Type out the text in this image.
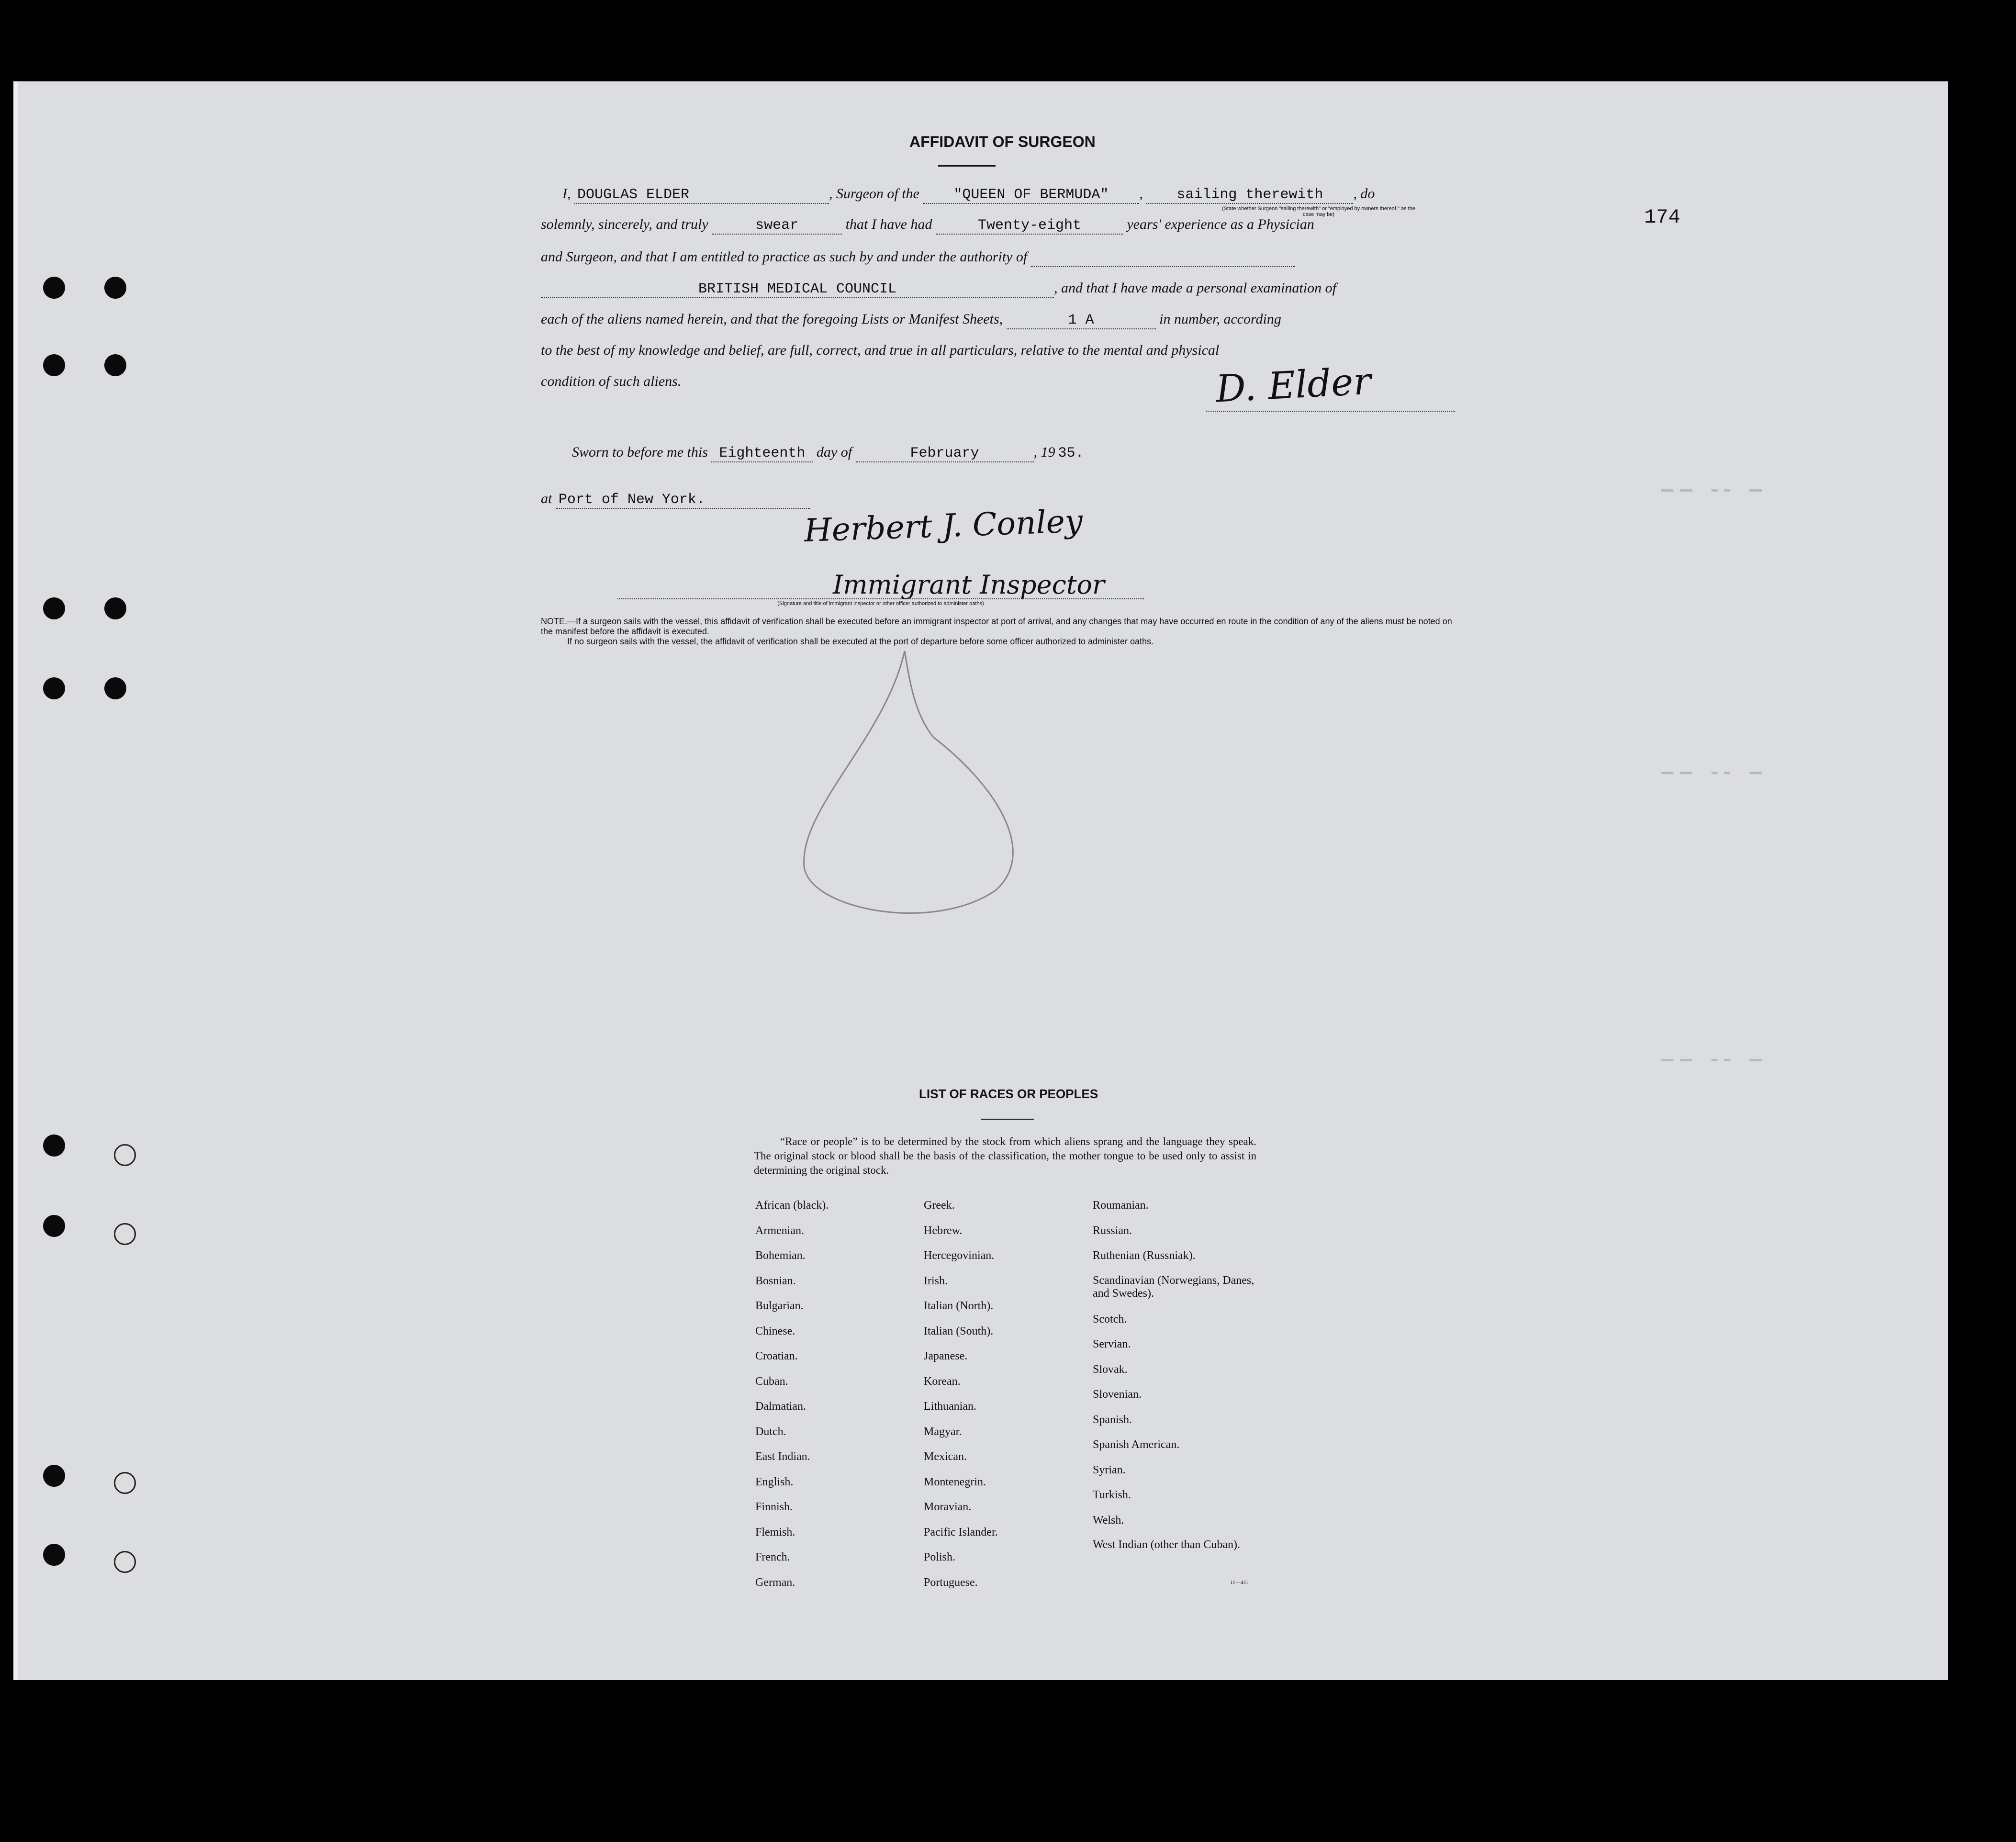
▬▬ ▬▬   ▬ ▬   ▬▬
▬▬ ▬▬   ▬ ▬   ▬▬
▬▬ ▬▬   ▬ ▬   ▬▬
174
AFFIDAVIT OF SURGEON
I, DOUGLAS ELDER	, Surgeon of the "QUEEN OF BERMUDA" , sailing therewith , do
(State whether Surgeon "sailing therewith" or "employed by owners thereof," as the case may be)
solemnly, sincerely, and truly	swear	that I have had	Twenty-eight	years' experience as a Physician
and Surgeon, and that I am entitled to practice as such by and under the authority of
BRITISH MEDICAL COUNCIL	, and that I have made a personal examination of
each of the aliens named herein, and that the foregoing Lists or Manifest Sheets,	1 A	in number, according
to the best of my knowledge and belief, are full, correct, and true in all particulars, relative to the mental and physical
condition of such aliens.	D. Elder
Sworn to before me this Eighteenth day of	February	, 19 35.
at Port of New York.
Herbert J. Conley
Immigrant Inspector
(Signature and title of immigrant inspector or other officer authorized to administer oaths)
NOTE.—If a surgeon sails with the vessel, this affidavit of verification shall be executed before an immigrant inspector at port of arrival, and any changes that may have occurred en route in the condition of any of the aliens must be noted on the manifest before the affidavit is executed.
If no surgeon sails with the vessel, the affidavit of verification shall be executed at the port of departure before some officer authorized to administer oaths.
LIST OF RACES OR PEOPLES
“Race or people” is to be determined by the stock from which aliens sprang and the language they speak. The original stock or blood shall be the basis of the classification, the mother tongue to be used only to assist in determining the original stock.
African (black).
Armenian.
Bohemian.
Bosnian.
Bulgarian.
Chinese.
Croatian.
Cuban.
Dalmatian.
Dutch.
East Indian.
English.
Finnish.
Flemish.
French.
German.
Greek.
Hebrew.
Hercegovinian.
Irish.
Italian (North).
Italian (South).
Japanese.
Korean.
Lithuanian.
Magyar.
Mexican.
Montenegrin.
Moravian.
Pacific Islander.
Polish.
Portuguese.
Roumanian.
Russian.
Ruthenian (Russniak).
Scandinavian (Norwegians, Danes, and Swedes).
Scotch.
Servian.
Slovak.
Slovenian.
Spanish.
Spanish American.
Syrian.
Turkish.
Welsh.
West Indian (other than Cuban).
11—431
